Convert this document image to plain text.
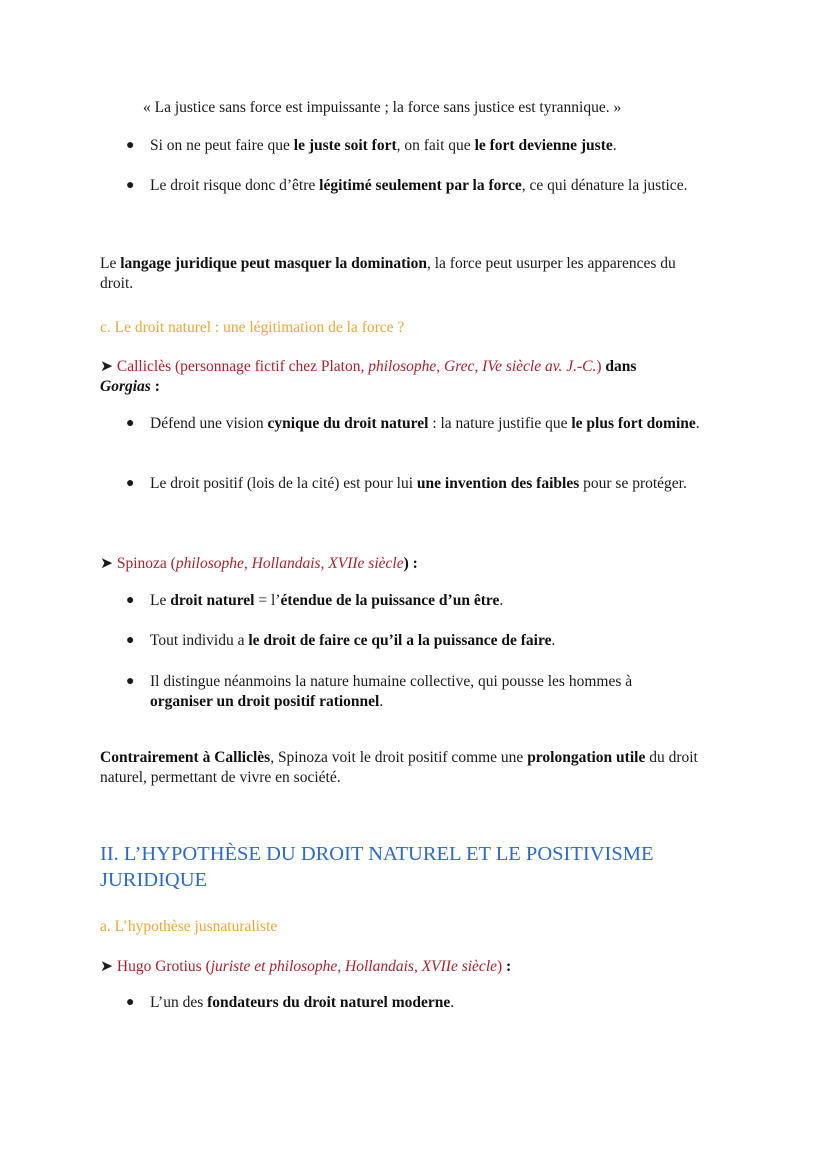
« La justice sans force est impuissante ; la force sans justice est tyrannique. »
● Si on ne peut faire que le juste soit fort, on fait que le fort devienne juste.
● Le droit risque donc d’être légitimé seulement par la force, ce qui dénature la justice.
Le langage juridique peut masquer la domination, la force peut usurper les apparences du droit.
c. Le droit naturel : une légitimation de la force ?
➤ Calliclès (personnage fictif chez Platon, philosophe, Grec, IVe siècle av. J.-C.) dans
Gorgias :
● Défend une vision cynique du droit naturel : la nature justifie que le plus fort domine.
● Le droit positif (lois de la cité) est pour lui une invention des faibles pour se protéger.
➤ Spinoza (philosophe, Hollandais, XVIIe siècle) :
● Le droit naturel = l’étendue de la puissance d’un être.
● Tout individu a le droit de faire ce qu’il a la puissance de faire.
● Il distingue néanmoins la nature humaine collective, qui pousse les hommes à organiser un droit positif rationnel.
Contrairement à Calliclès, Spinoza voit le droit positif comme une prolongation utile du droit naturel, permettant de vivre en société.
II. L’HYPOTHÈSE DU DROIT NATUREL ET LE POSITIVISME JURIDIQUE
a. L’hypothèse jusnaturaliste
➤ Hugo Grotius (juriste et philosophe, Hollandais, XVIIe siècle) :
● L’un des fondateurs du droit naturel moderne.
